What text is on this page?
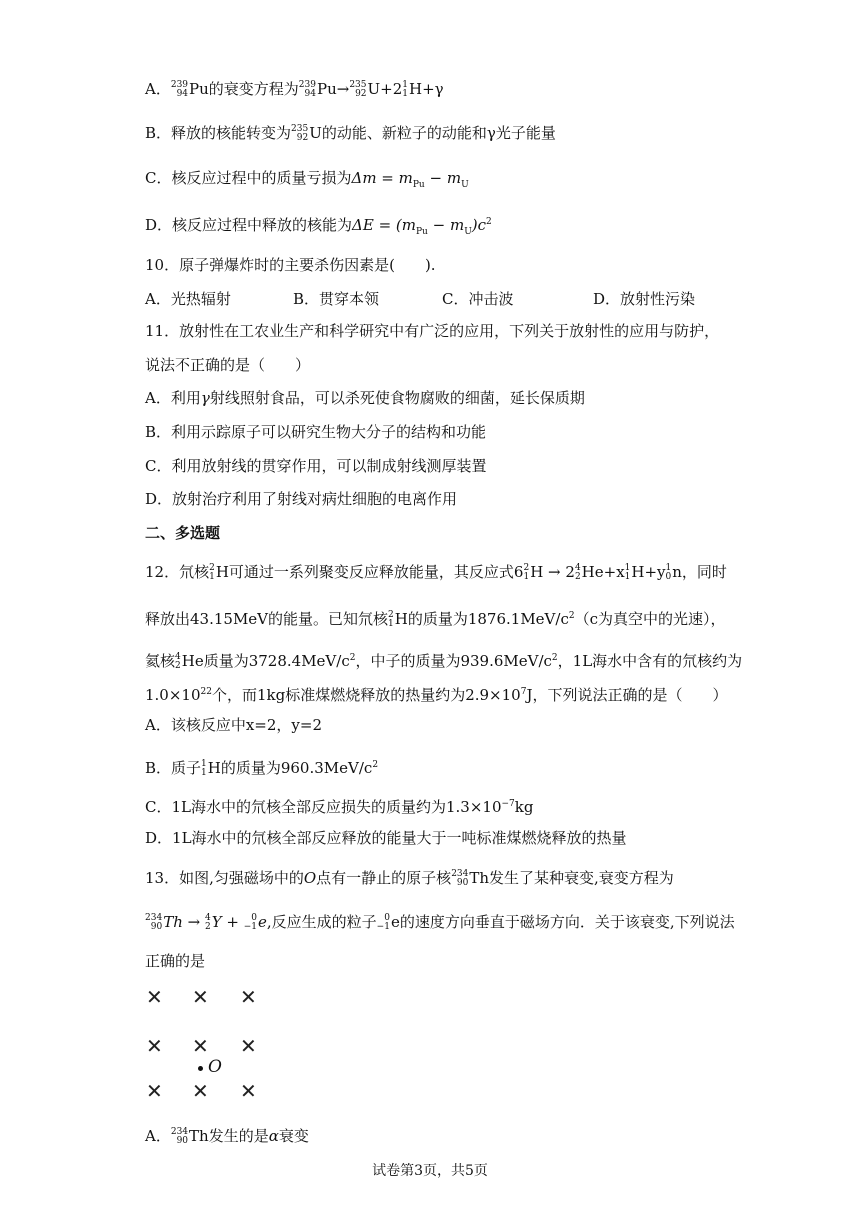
A． 239
94 Pu的衰变方程为 239
94 Pu→ 235
92 U+2 1
1 H+γ
B．释放的核能转变为 235
92 U的动能、新粒子的动能和γ光子能量
C．核反应过程中的质量亏损为$\Delta m = m_{Pu} - m_U$
D．核反应过程中释放的核能为$\Delta E = (m_{Pu} - m_U)c^2$
10．原子弹爆炸时的主要杀伤因素是(　　).
A．光热辐射	B．贯穿本领	C．冲击波	D．放射性污染
11．放射性在工农业生产和科学研究中有广泛的应用，下列关于放射性的应用与防护，
说法不正确的是（　　）
A．利用γ射线照射食品，可以杀死使食物腐败的细菌，延长保质期
B．利用示踪原子可以研究生物大分子的结构和功能
C．利用放射线的贯穿作用，可以制成射线测厚装置
D．放射治疗利用了射线对病灶细胞的电离作用
二、多选题
12．氘核 2
1 H可通过一系列聚变反应释放能量，其反应式6 2
1 H → 2 4
2 He+x 1
1 H+y 1
0 n，同时
释放出43.15MeV的能量。已知氘核 2
1 H的质量为$1876.1MeV/c^2(c$为真空中的光速），
氦核 4
2 He质量为$3728.4MeV/c^2$，中子的质量为$939.6MeV/c^2$，1L海水中含有的氘核约为
$1.0\times 10^{22}$个，而1kg标准煤燃烧释放的热量约为$2.9\times 10^7J$，下列说法正确的是（　　）
A．该核反应中x=2，y=2
B．质子 1
1 H的质量为$960.3MeV/c^2$
C．1L海水中的氘核全部反应损失的质量约为$1.3\times 10^{-7}kg$
D．1L海水中的氘核全部反应释放的能量大于一吨标准煤燃烧释放的热量
13．如图,匀强磁场中的O点有一静止的原子核 234
90 Th发生了某种衰变,衰变方程为
234
90 Th → 4
2 Y + 0
−1 e,反应生成的粒子 0
−1 e的速度方向垂直于磁场方向．关于该衰变,下列说法
正确的是
✕ ✕ ✕
✕ ✕ ✕
O
✕ ✕ ✕
A． 234
90 Th发生的是α衰变
试卷第3页，共5页
